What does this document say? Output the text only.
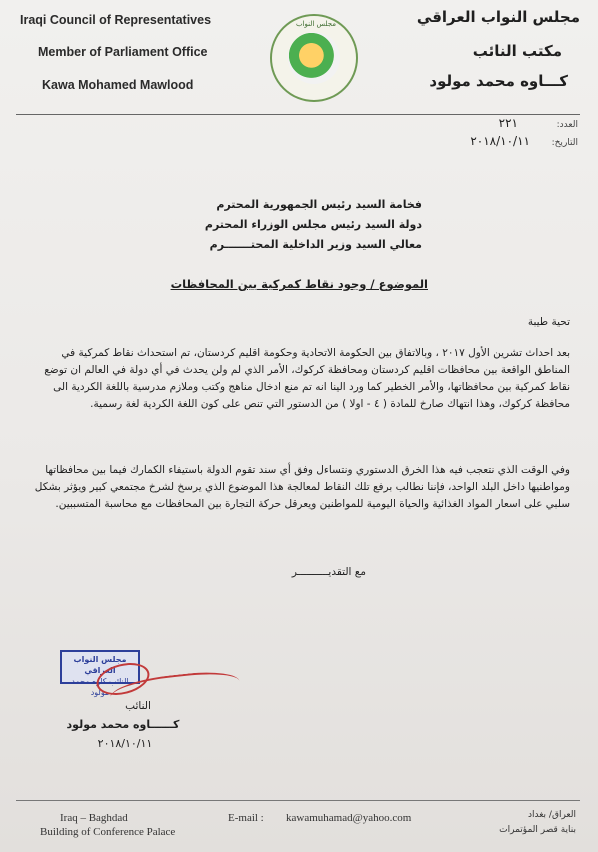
Iraqi Council of Representatives
Member of Parliament Office
Kawa Mohamed Mawlood
مجلس النواب	مجلس النواب العراقي
مكتب النائب
كـــاوه محمد مولود
العدد:
٢٢١
التاريخ:
٢٠١٨/١٠/١١
فخامة السيد رئيس الجمهورية المحترم
دولة السيد رئيس مجلس الوزراء المحترم
معالي السيد وزير الداخلية المحتـــــــرم
الموضوع / وجود نقاط كمركية بين المحافظات
تحية طيبة
بعد احداث تشرين الأول ٢٠١٧ ، وبالاتفاق بين الحكومة الاتحادية وحكومة اقليم كردستان، تم استحداث نقاط كمركية في المناطق الواقعة بين محافظات اقليم كردستان ومحافظة كركوك، الأمر الذي لم ولن يحدث في أي دولة في العالم ان توضع نقاط كمركية بين محافظاتها، والأمر الخطير كما ورد الينا انه تم منع ادخال مناهج وكتب وملازم مدرسية باللغة الكردية الى محافظة كركوك، وهذا انتهاك صارخ للمادة ( ٤ - اولا ) من الدستور التي تنص على كون اللغة الكردية لغة رسمية.
وفي الوقت الذي نتعجب فيه هذا الخرق الدستوري ونتساءل وفق أي سند تقوم الدولة باستيفاء الكمارك فيما بين محافظاتها ومواطنيها داخل البلد الواحد، فإننا نطالب برفع تلك النقاط لمعالجة هذا الموضوع الذي يرسخ لشرخ مجتمعي كبير ويؤثر بشكل سلبي على اسعار المواد الغذائية والحياة اليومية للمواطنين ويعرقل حركة التجارة بين المحافظات مع محاسبة المتسببين.
مع التقديــــــــــر
مجلس النواب العراقي
النائب كاوه محمد مولود
النائب
كــــــاوه محمد مولود
٢٠١٨/١٠/١١
Iraq – Baghdad
Building of Conference Palace
E-mail : kawamuhamad@yahoo.com	العراق/ بغداد
بناية قصر المؤتمرات
